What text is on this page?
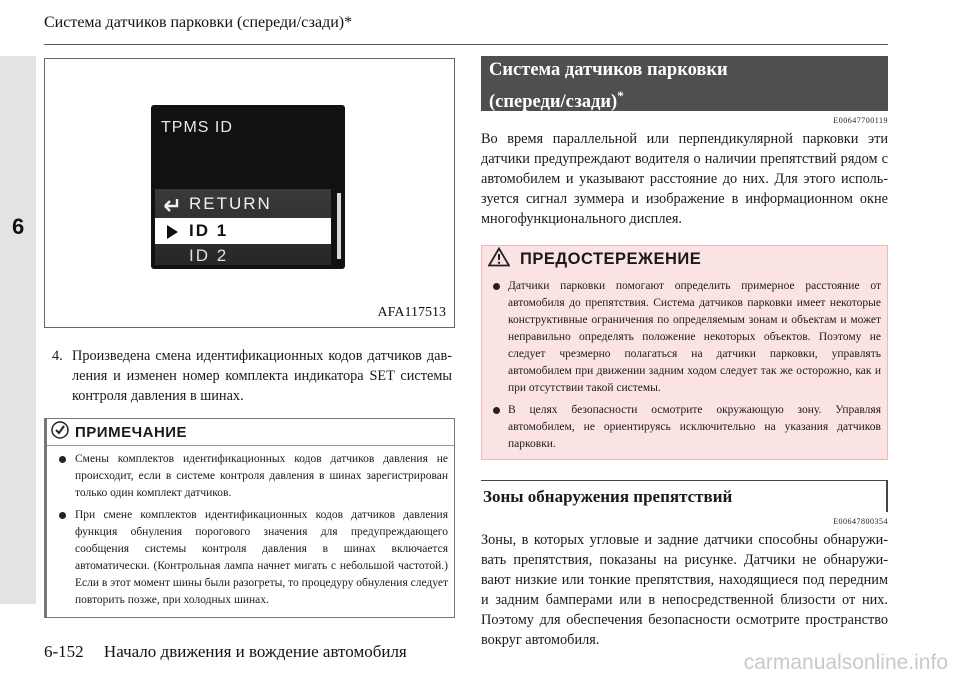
6
Система датчиков парковки (спереди/сзади)*
TPMS ID
RETURN
ID 1
ID 2
AFA117513
4. Произведена смена идентификационных кодов датчиков давления и изменен номер комплекта индикатора SET системы контроля давления в шинах.
ПРИМЕЧАНИЕ
Смены комплектов идентификационных кодов датчиков давления не происходит, если в системе контроля давления в шинах зарегистрирован только один комплект датчиков.
При смене комплектов идентификационных кодов датчиков давления функция обнуления порогового значения для предупреждающего сообщения системы контроля давления в шинах включается автоматически. (Контрольная лампа начнет мигать с небольшой частотой.) Если в этот момент шины были разогреты, то процедуру обнуления следует повторить позже, при холодных шинах.
Система датчиков парковки
(спереди/сзади)*
E00647700119
Во время параллельной или перпендикулярной парковки эти датчики предупреждают водителя о наличии препятствий рядом с автомобилем и указывают расстояние до них. Для этого используется сигнал зуммера и изображение в информационном окне многофункционального дисплея.
ПРЕДОСТЕРЕЖЕНИЕ
Датчики парковки помогают определить примерное расстояние от автомобиля до препятствия. Система датчиков парковки имеет некоторые конструктивные ограничения по определяемым зонам и объектам и может неправильно определять положение некоторых объектов. Поэтому не следует чрезмерно полагаться на датчики парковки, управлять автомобилем при движении задним ходом следует так же осторожно, как и при отсутствии такой системы.
В целях безопасности осмотрите окружающую зону. Управляя автомобилем, не ориентируясь исключительно на указания датчиков парковки.
Зоны обнаружения препятствий
E00647800354
Зоны, в которых угловые и задние датчики способны обнаруживать препятствия, показаны на рисунке. Датчики не обнаруживают низкие или тонкие препятствия, находящиеся под передним и задним бамперами или в непосредственной близости от них. Поэтому для обеспечения безопасности осмотрите пространство вокруг автомобиля.
6-152 Начало движения и вождение автомобиля	carmanualsonline.info
